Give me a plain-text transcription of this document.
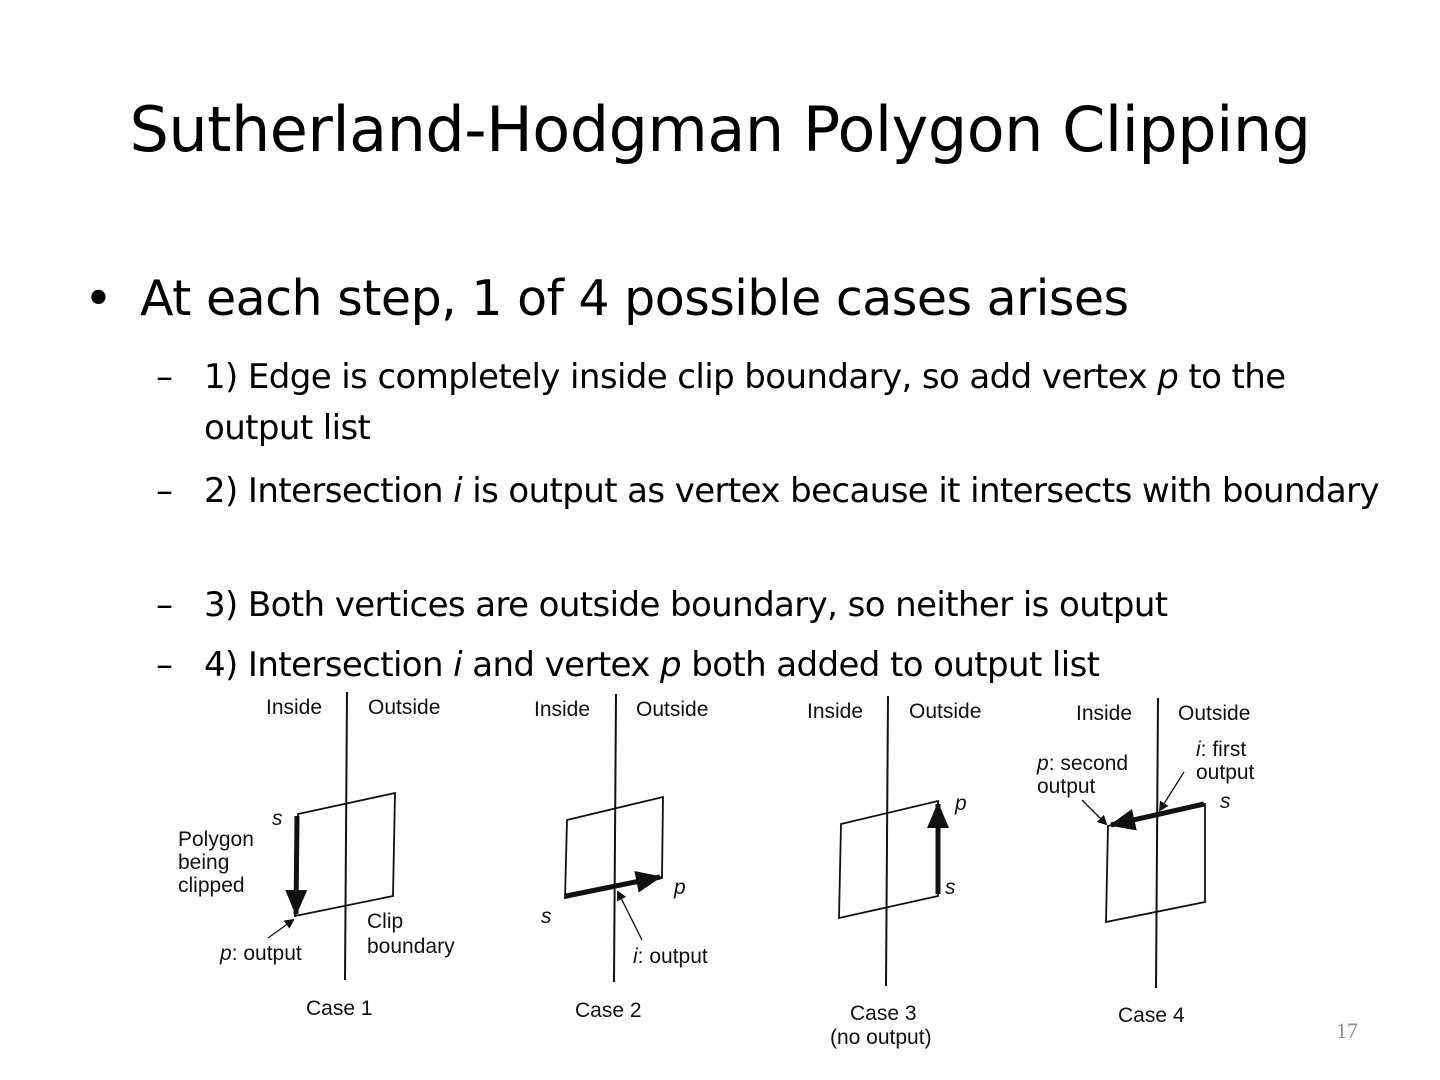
Sutherland-Hodgman Polygon Clipping
• At each step, 1 of 4 possible cases arises
– 1) Edge is completely inside clip boundary, so add vertex p to the output list
– 2) Intersection i is output as vertex because it intersects with boundary
– 3) Both vertices are outside boundary, so neither is output
– 4) Intersection i and vertex p both added to output list
Inside Outside
s
Polygon
being
clipped
p: output
Clip
boundary
Case 1
Inside Outside
s
p
i: output
Case 2
Inside Outside
p
s
Case 3
(no output)
Inside Outside
s
p: second
output
i: first
output
Case 4
17
